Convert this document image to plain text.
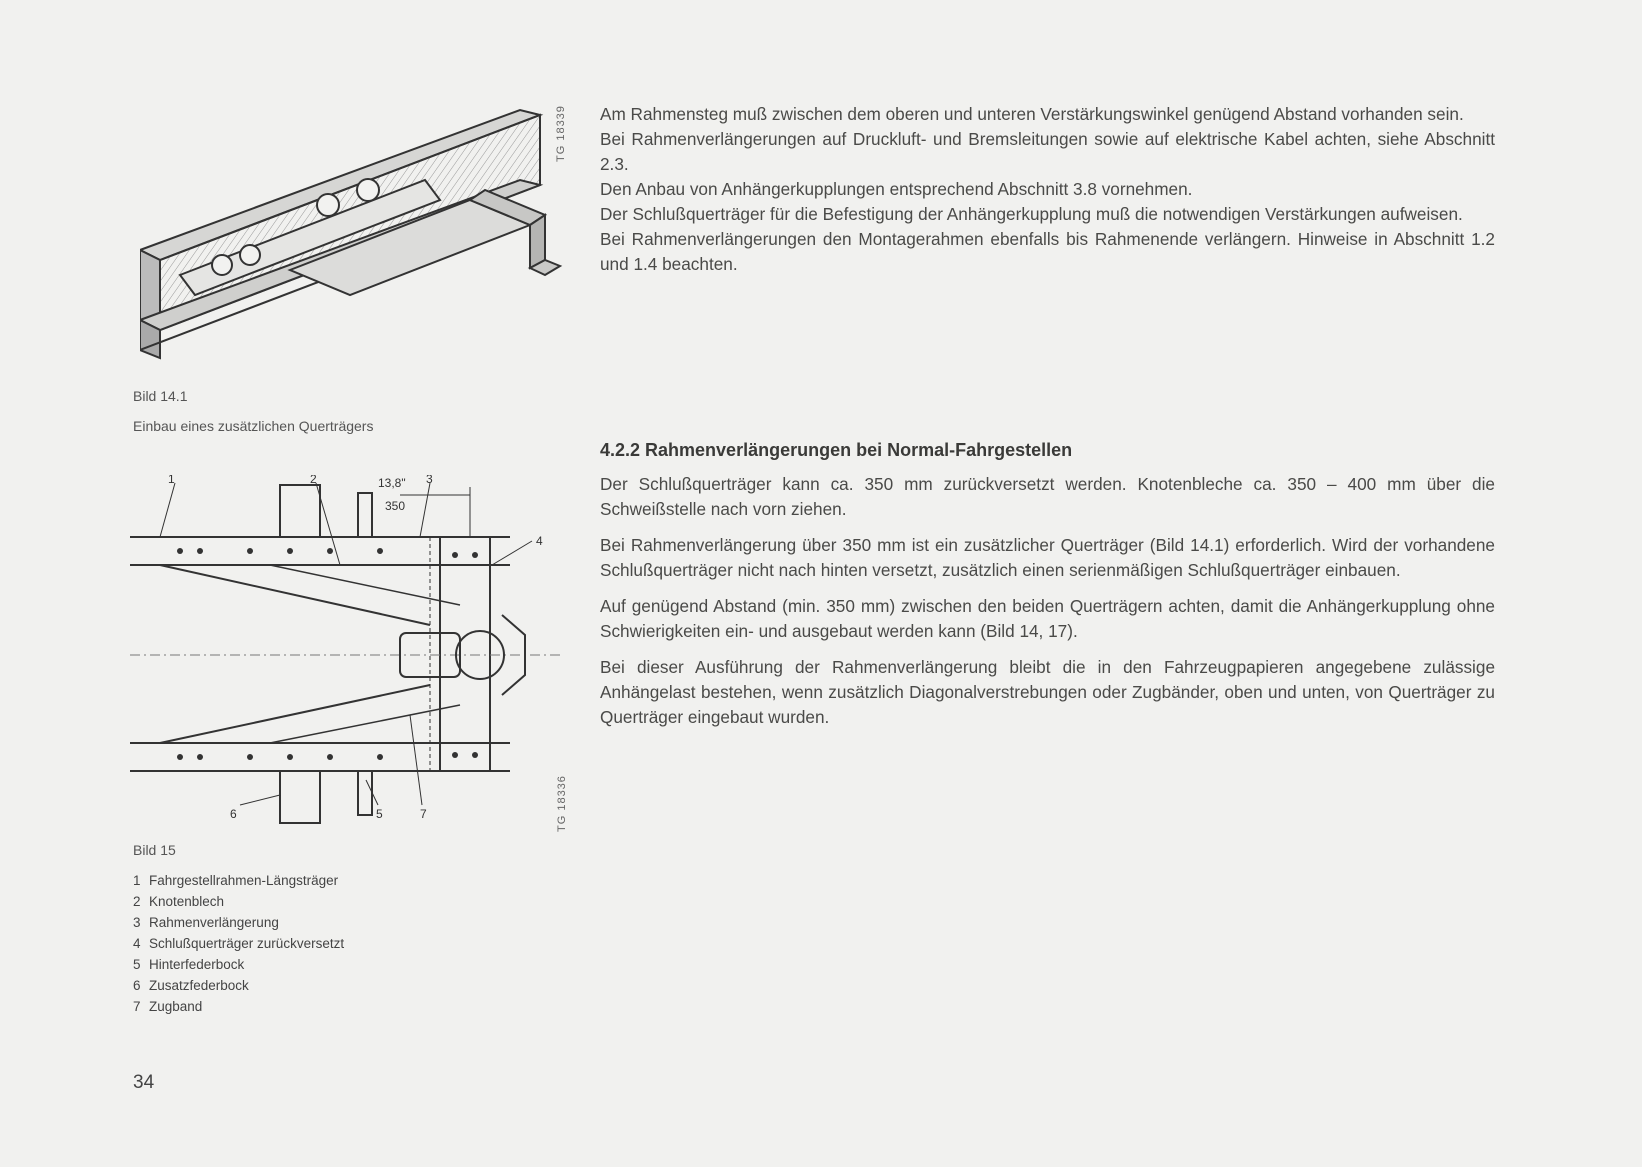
TG 18339
Bild 14.1
Einbau eines zusätzlichen Querträgers
1	2	13,8" 3
350
4
6	5	7	TG 18336
Bild 15
1 Fahrgestellrahmen-Längsträger
2 Knotenblech
3 Rahmenverlängerung
4 Schlußquerträger zurückversetzt
5 Hinterfederbock
6 Zusatzfederbock
7 Zugband
34

Am Rahmensteg muß zwischen dem oberen und unteren Verstärkungswinkel genügend Abstand vorhanden sein.

Bei Rahmenverlängerungen auf Druckluft- und Bremsleitungen sowie auf elektrische Kabel achten, siehe Abschnitt 2.3.

Den Anbau von Anhängerkupplungen entsprechend Abschnitt 3.8 vornehmen.

Der Schlußquerträger für die Befestigung der Anhängerkupplung muß die notwendigen Verstärkungen aufweisen.

Bei Rahmenverlängerungen den Montagerahmen ebenfalls bis Rahmenende verlängern. Hinweise in Abschnitt 1.2 und 1.4 beachten.

4.2.2 Rahmenverlängerungen bei Normal-Fahrgestellen

Der Schlußquerträger kann ca. 350 mm zurückversetzt werden. Knotenbleche ca. 350 – 400 mm über die Schweißstelle nach vorn ziehen.

Bei Rahmenverlängerung über 350 mm ist ein zusätzlicher Querträger (Bild 14.1) erforderlich. Wird der vorhandene Schlußquerträger nicht nach hinten versetzt, zusätzlich einen serienmäßigen Schlußquerträger einbauen.

Auf genügend Abstand (min. 350 mm) zwischen den beiden Querträgern achten, damit die Anhängerkupplung ohne Schwierigkeiten ein- und ausgebaut werden kann (Bild 14, 17).

Bei dieser Ausführung der Rahmenverlängerung bleibt die in den Fahrzeugpapieren angegebene zulässige Anhängelast bestehen, wenn zusätzlich Diagonalverstrebungen oder Zugbänder, oben und unten, von Querträger zu Querträger eingebaut wurden.
